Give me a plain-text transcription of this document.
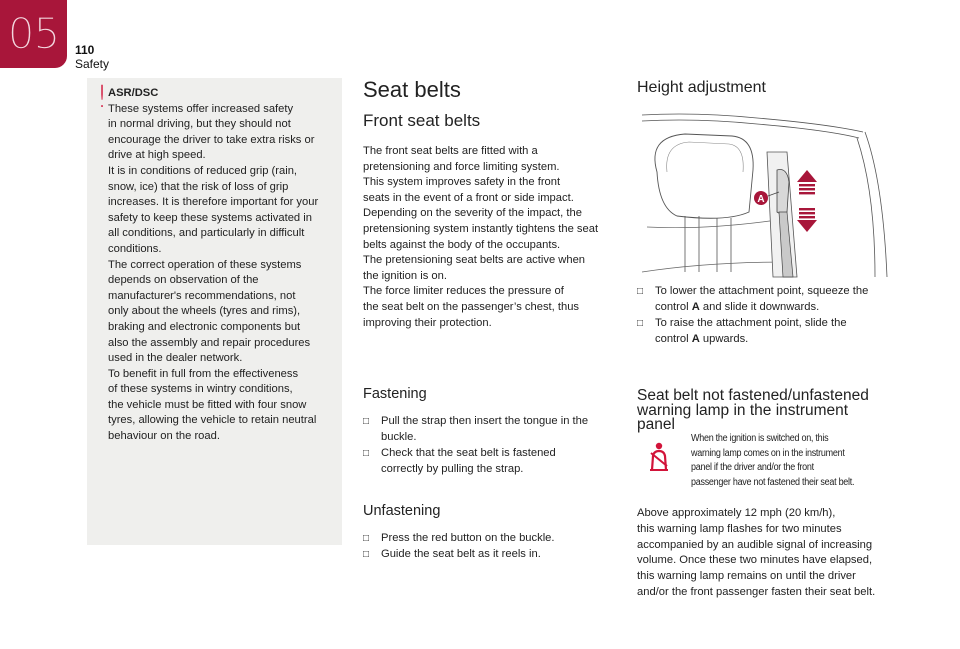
05 110
Safety
! ASR/DSC

These systems offer increased safety

in normal driving, but they should not

encourage the driver to take extra risks or

drive at high speed.

It is in conditions of reduced grip (rain,

snow, ice) that the risk of loss of grip

increases. It is therefore important for your

safety to keep these systems activated in

all conditions, and particularly in difficult

conditions.

The correct operation of these systems

depends on observation of the

manufacturer's recommendations, not

only about the wheels (tyres and rims),

braking and electronic components but

also the assembly and repair procedures

used in the dealer network.

To benefit in full from the effectiveness

of these systems in wintry conditions,

the vehicle must be fitted with four snow

tyres, allowing the vehicle to retain neutral

behaviour on the road.

Seat belts
Front seat belts

The front seat belts are fitted with a

pretensioning and force limiting system.

This system improves safety in the front

seats in the event of a front or side impact.

Depending on the severity of the impact, the

pretensioning system instantly tightens the seat

belts against the body of the occupants.

The pretensioning seat belts are active when

the ignition is on.

The force limiter reduces the pressure of

the seat belt on the passenger’s chest, thus

improving their protection.

Fastening
□ Pull the strap then insert the tongue in the
buckle.
□ Check that the seat belt is fastened
correctly by pulling the strap.
Unfastening
□ Press the red button on the buckle.
□ Guide the seat belt as it reels in.
Height adjustment
A
□ To lower the attachment point, squeeze the
control A and slide it downwards.
□ To raise the attachment point, slide the
control A upwards.
Seat belt not fastened/unfastened
warning lamp in the instrument
panel
When the ignition is switched on, this
warning lamp comes on in the instrument
panel if the driver and/or the front
passenger have not fastened their seat belt.

Above approximately 12 mph (20 km/h),

this warning lamp flashes for two minutes

accompanied by an audible signal of increasing

volume. Once these two minutes have elapsed,

this warning lamp remains on until the driver

and/or the front passenger fasten their seat belt.
